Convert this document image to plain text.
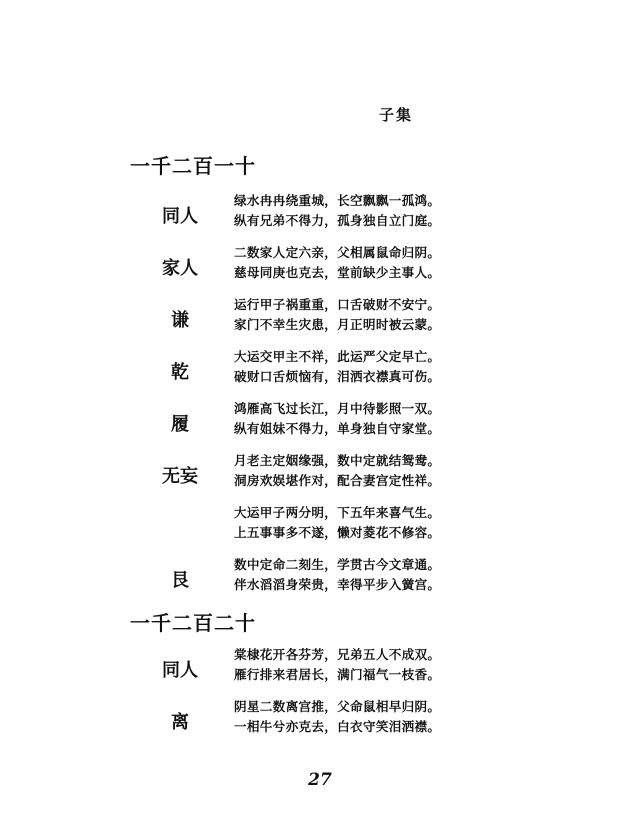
子集
一千二百一十
同人
绿水冉冉绕重城，长空飘飘一孤鸿。
纵有兄弟不得力，孤身独自立门庭。
家人
二数家人定六亲，父相属鼠命归阴。
慈母同庚也克去，堂前缺少主事人。
谦
运行甲子祸重重，口舌破财不安宁。
家门不幸生灾患，月正明时被云蒙。
乾
大运交甲主不祥，此运严父定早亡。
破财口舌烦恼有，泪洒衣襟真可伤。
履
鸿雁高飞过长江，月中待影照一双。
纵有姐妹不得力，单身独自守家堂。
无妄
月老主定姻缘强，数中定就结鸳鸯。
洞房欢娱堪作对，配合妻宫定性祥。
大运甲子两分明，下五年来喜气生。
上五事事多不遂，懒对菱花不修容。
艮
数中定命二刻生，学贯古今文章通。
伴水滔滔身荣贵，幸得平步入黉宫。
一千二百二十
同人
棠棣花开各芬芳，兄弟五人不成双。
雁行排来君居长，满门福气一枝香。
离
阴星二数离宫推，父命鼠相早归阴。
一相牛兮亦克去，白衣守笑泪洒襟。
27
